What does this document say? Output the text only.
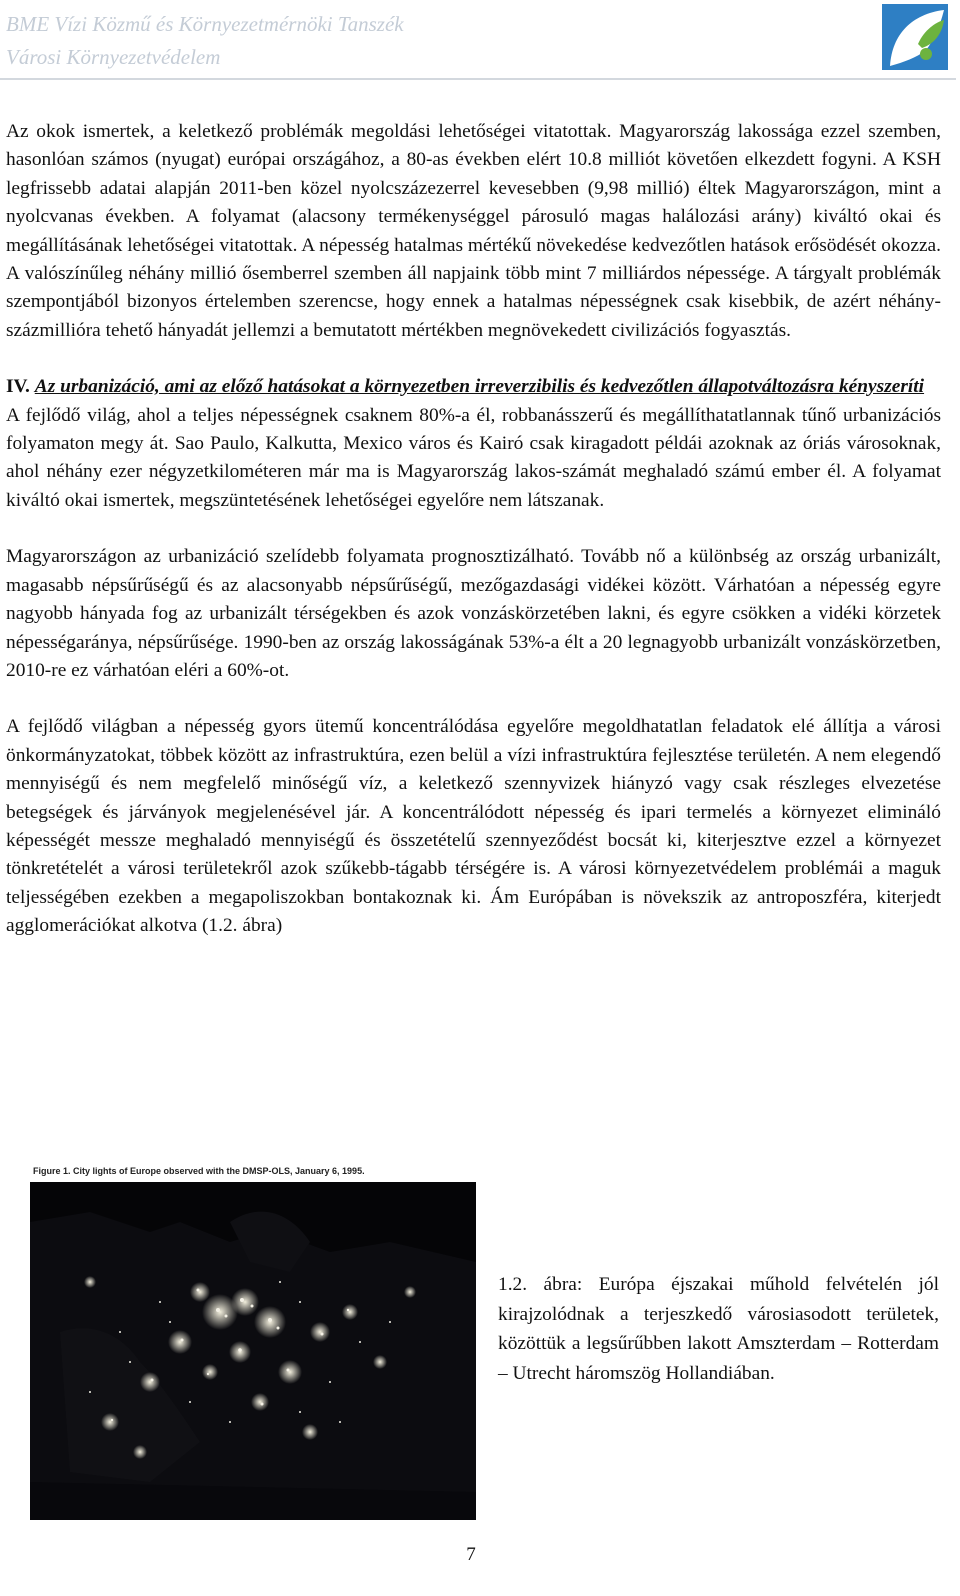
BME Vízi Közmű és Környezetmérnöki Tanszék
Városi Környezetvédelem

Az okok ismertek, a keletkező problémák megoldási lehetőségei vitatottak. Magyarország lakossága ezzel szemben, hasonlóan számos (nyugat) európai országához, a 80-as években elért 10.8 milliót követően elkezdett fogyni. A KSH legfrissebb adatai alapján 2011-ben közel nyolcszázezerrel kevesebben (9,98 millió) éltek Magyarországon, mint a nyolcvanas években. A folyamat (alacsony termékenységgel párosuló magas halálozási arány) kiváltó okai és megállításának lehetőségei vitatottak. A népesség hatalmas mértékű növekedése kedvezőtlen hatások erősödését okozza. A valószínűleg néhány millió ősemberrel szemben áll napjaink több mint 7 milliárdos népessége. A tárgyalt problémák szempontjából bizonyos értelemben szerencse, hogy ennek a hatalmas népességnek csak kisebbik, de azért néhány-százmillióra tehető hányadát jellemzi a bemutatott mértékben megnövekedett civilizációs fogyasztás.

IV. Az urbanizáció, ami az előző hatásokat a környezetben irreverzibilis és kedvezőtlen állapotváltozásra kényszeríti

A fejlődő világ, ahol a teljes népességnek csaknem 80%-a él, robbanásszerű és megállíthatatlannak tűnő urbanizációs folyamaton megy át. Sao Paulo, Kalkutta, Mexico város és Kairó csak kiragadott példái azoknak az óriás városoknak, ahol néhány ezer négyzetkilométeren már ma is Magyarország lakos-számát meghaladó számú ember él. A folyamat kiváltó okai ismertek, megszüntetésének lehetőségei egyelőre nem látszanak.

Magyarországon az urbanizáció szelídebb folyamata prognosztizálható. Tovább nő a különbség az ország urbanizált, magasabb népsűrűségű és az alacsonyabb népsűrűségű, mezőgazdasági vidékei között. Várhatóan a népesség egyre nagyobb hányada fog az urbanizált térségekben és azok vonzáskörzetében lakni, és egyre csökken a vidéki körzetek népességaránya, népsűrűsége. 1990-ben az ország lakosságának 53%-a élt a 20 legnagyobb urbanizált vonzáskörzetben, 2010-re ez várhatóan eléri a 60%-ot.

A fejlődő világban a népesség gyors ütemű koncentrálódása egyelőre megoldhatatlan feladatok elé állítja a városi önkormányzatokat, többek között az infrastruktúra, ezen belül a vízi infrastruktúra fejlesztése területén. A nem elegendő mennyiségű és nem megfelelő minőségű víz, a keletkező szennyvizek hiányzó vagy csak részleges elvezetése betegségek és járványok megjelenésével jár. A koncentrálódott népesség és ipari termelés a környezet elimináló képességét messze meghaladó mennyiségű és összetételű szennyeződést bocsát ki, kiterjesztve ezzel a környezet tönkretételét a városi területekről azok szűkebb-tágabb térségére is. A városi környezetvédelem problémái a maguk teljességében ezekben a megapoliszokban bontakoznak ki. Ám Európában is növekszik az antroposzféra, kiterjedt agglomerációkat alkotva (1.2. ábra)

Figure 1. City lights of Europe observed with the DMSP-OLS, January 6, 1995.

1.2. ábra: Európa éjszakai műhold felvételén jól kirajzolódnak a terjeszkedő városiasodott területek, közöttük a legsűrűbben lakott Amszterdam – Rotterdam – Utrecht háromszög Hollandiában.

7
